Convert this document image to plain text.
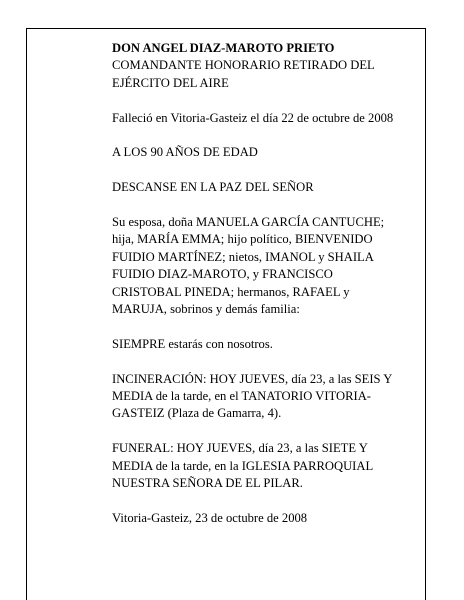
DON ANGEL DIAZ-MAROTO PRIETO

COMANDANTE HONORARIO RETIRADO DEL
EJÉRCITO DEL AIRE

Falleció en Vitoria-Gasteiz el día 22 de octubre de 2008

A LOS 90 AÑOS DE EDAD

DESCANSE EN LA PAZ DEL SEÑOR

Su esposa, doña MANUELA GARCÍA CANTUCHE;
hija, MARÍA EMMA; hijo político, BIENVENIDO
FUIDIO MARTÍNEZ; nietos, IMANOL y SHAILA
FUIDIO DIAZ-MAROTO, y FRANCISCO
CRISTOBAL PINEDA; hermanos, RAFAEL y
MARUJA, sobrinos y demás familia:

SIEMPRE estarás con nosotros.

INCINERACIÓN: HOY JUEVES, día 23, a las SEIS Y
MEDIA de la tarde, en el TANATORIO VITORIA-
GASTEIZ (Plaza de Gamarra, 4).
FUNERAL: HOY JUEVES, día 23, a las SIETE Y
MEDIA de la tarde, en la IGLESIA PARROQUIAL
NUESTRA SEÑORA DE EL PILAR.

Vitoria-Gasteiz, 23 de octubre de 2008
